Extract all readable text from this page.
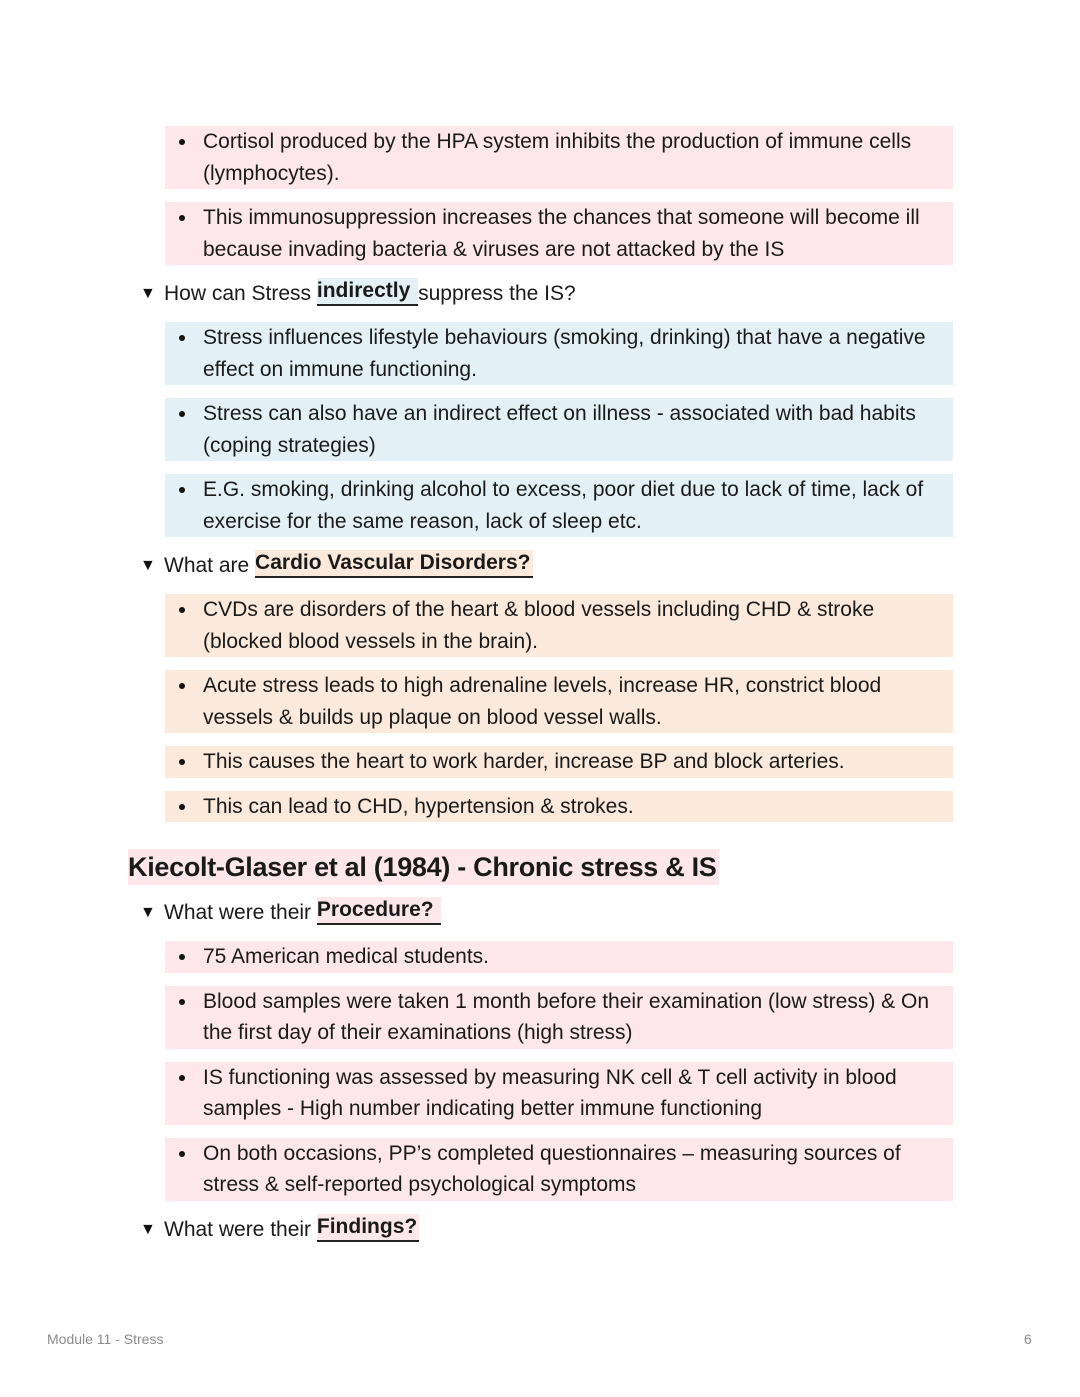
Cortisol produced by the HPA system inhibits the production of immune cells (lymphocytes).
This immunosuppression increases the chances that someone will become ill because invading bacteria & viruses are not attacked by the IS
▼ How can Stress indirectly suppress the IS?
Stress influences lifestyle behaviours (smoking, drinking) that have a negative effect on immune functioning.
Stress can also have an indirect effect on illness - associated with bad habits (coping strategies)
E.G. smoking, drinking alcohol to excess, poor diet due to lack of time, lack of exercise for the same reason, lack of sleep etc.
▼ What are Cardio Vascular Disorders?
CVDs are disorders of the heart & blood vessels including CHD & stroke (blocked blood vessels in the brain).
Acute stress leads to high adrenaline levels, increase HR, constrict blood vessels & builds up plaque on blood vessel walls.
This causes the heart to work harder, increase BP and block arteries.
This can lead to CHD, hypertension & strokes.
Kiecolt-Glaser et al (1984) - Chronic stress & IS
▼ What were their Procedure?
75 American medical students.
Blood samples were taken 1 month before their examination (low stress) & On the first day of their examinations (high stress)
IS functioning was assessed by measuring NK cell & T cell activity in blood samples - High number indicating better immune functioning
On both occasions, PP’s completed questionnaires – measuring sources of stress & self-reported psychological symptoms
▼ What were their Findings?
Module 11 - Stress	6
